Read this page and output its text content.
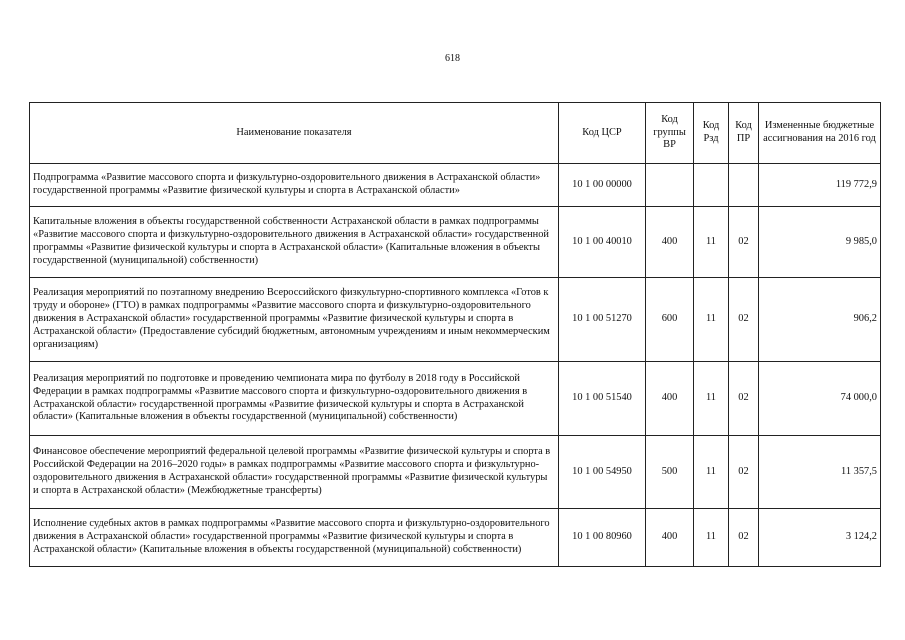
618
Наименование показателя	Код ЦСР	Код группы ВР	Код Рзд	Код ПР	Измененные бюджетные ассигнования на 2016 год
Подпрограмма «Развитие массового спорта и физкультурно-оздоровительного движения в Астраханской области» государственной программы «Развитие физической культуры и спорта в Астраханской области»	10 1 00 00000				119 772,9
Капитальные вложения в объекты государственной собственности Астраханской области в рамках подпрограммы «Развитие массового спорта и физкультурно-оздоровительного движения в Астраханской области» государственной программы «Развитие физической культуры и спорта в Астраханской области» (Капитальные вложения в объекты государственной (муниципальной) собственности)	10 1 00 40010	400	11	02	9 985,0
Реализация мероприятий по поэтапному внедрению Всероссийского физкультурно-спортивного комплекса «Готов к труду и обороне» (ГТО) в рамках подпрограммы «Развитие массового спорта и физкультурно-оздоровительного движения в Астраханской области» государственной программы «Развитие физической культуры и спорта в Астраханской области» (Предоставление субсидий бюджетным, автономным учреждениям и иным некоммерческим организациям)	10 1 00 51270	600	11	02	906,2
Реализация мероприятий по подготовке и проведению чемпионата мира по футболу в 2018 году в Российской Федерации в рамках подпрограммы «Развитие массового спорта и физкультурно-оздоровительного движения в Астраханской области» государственной программы «Развитие физической культуры и спорта в Астраханской области» (Капитальные вложения в объекты государственной (муниципальной) собственности)	10 1 00 51540	400	11	02	74 000,0
Финансовое обеспечение мероприятий федеральной целевой программы «Развитие физической культуры и спорта в Российской Федерации на 2016–2020 годы» в рамках подпрограммы «Развитие массового спорта и физкультурно-оздоровительного движения в Астраханской области» государственной программы «Развитие физической культуры и спорта в Астраханской области» (Межбюджетные трансферты)	10 1 00 54950	500	11	02	11 357,5
Исполнение судебных актов в рамках подпрограммы «Развитие массового спорта и физкультурно-оздоровительного движения в Астраханской области» государственной программы «Развитие физической культуры и спорта в Астраханской области» (Капитальные вложения в объекты государственной (муниципальной) собственности)	10 1 00 80960	400	11	02	3 124,2
